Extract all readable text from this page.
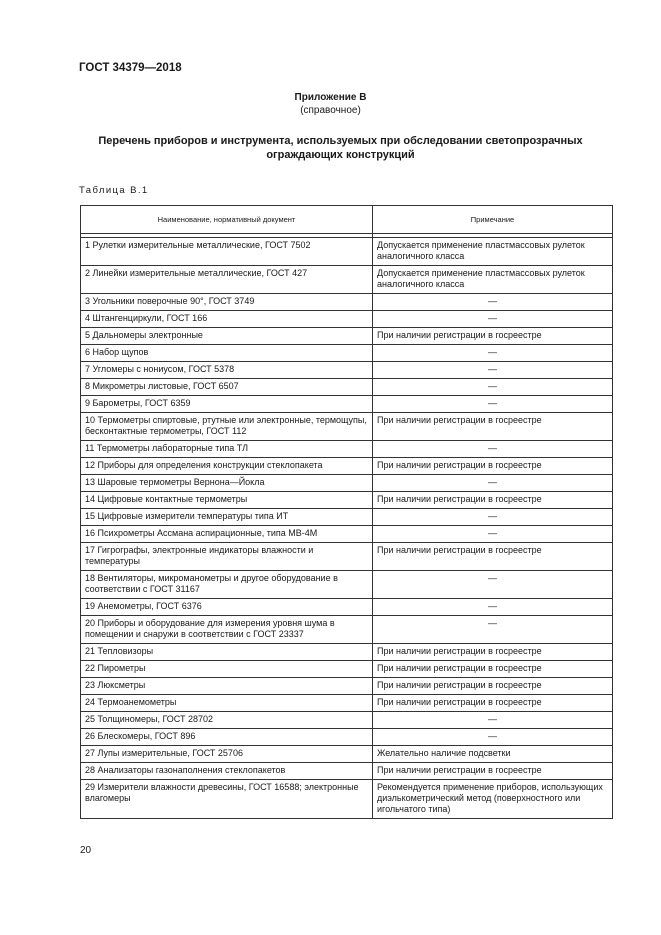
ГОСТ 34379—2018
Приложение В
(справочное)
Перечень приборов и инструмента, используемых при обследовании светопрозрачных ограждающих конструкций
Таблица В.1
Наименование, нормативный документ	Примечание

1 Рулетки измерительные металлические, ГОСТ 7502	Допускается применение пластмассовых рулеток аналогичного класса
2 Линейки измерительные металлические, ГОСТ 427	Допускается применение пластмассовых рулеток аналогичного класса
3 Угольники поверочные 90°, ГОСТ 3749	—
4 Штангенциркули, ГОСТ 166	—
5 Дальномеры электронные	При наличии регистрации в госреестре
6 Набор щупов	—
7 Угломеры с нониусом, ГОСТ 5378	—
8 Микрометры листовые, ГОСТ 6507	—
9 Барометры, ГОСТ 6359	—
10 Термометры спиртовые, ртутные или электронные, термощупы, бесконтактные термометры, ГОСТ 112	При наличии регистрации в госреестре
11 Термометры лабораторные типа ТЛ	—
12 Приборы для определения конструкции стеклопакета	При наличии регистрации в госреестре
13 Шаровые термометры Вернона—Йокла	—
14 Цифровые контактные термометры	При наличии регистрации в госреестре
15 Цифровые измерители температуры типа ИТ	—
16 Психрометры Ассмана аспирационные, типа МВ-4М	—
17 Гигрографы, электронные индикаторы влажности и температуры	При наличии регистрации в госреестре
18 Вентиляторы, микроманометры и другое оборудование в соответствии с ГОСТ 31167	—
19 Анемометры, ГОСТ 6376	—
20 Приборы и оборудование для измерения уровня шума в помещении и снаружи в соответствии с ГОСТ 23337	—
21 Тепловизоры	При наличии регистрации в госреестре
22 Пирометры	При наличии регистрации в госреестре
23 Люксметры	При наличии регистрации в госреестре
24 Термоанемометры	При наличии регистрации в госреестре
25 Толщиномеры, ГОСТ 28702	—
26 Блескомеры, ГОСТ 896	—
27 Лупы измерительные, ГОСТ 25706	Желательно наличие подсветки
28 Анализаторы газонаполнения стеклопакетов	При наличии регистрации в госреестре
29 Измерители влажности древесины, ГОСТ 16588; электронные влагомеры	Рекомендуется применение приборов, использующих диэлькометрический метод (поверхностного или игольчатого типа)
20
